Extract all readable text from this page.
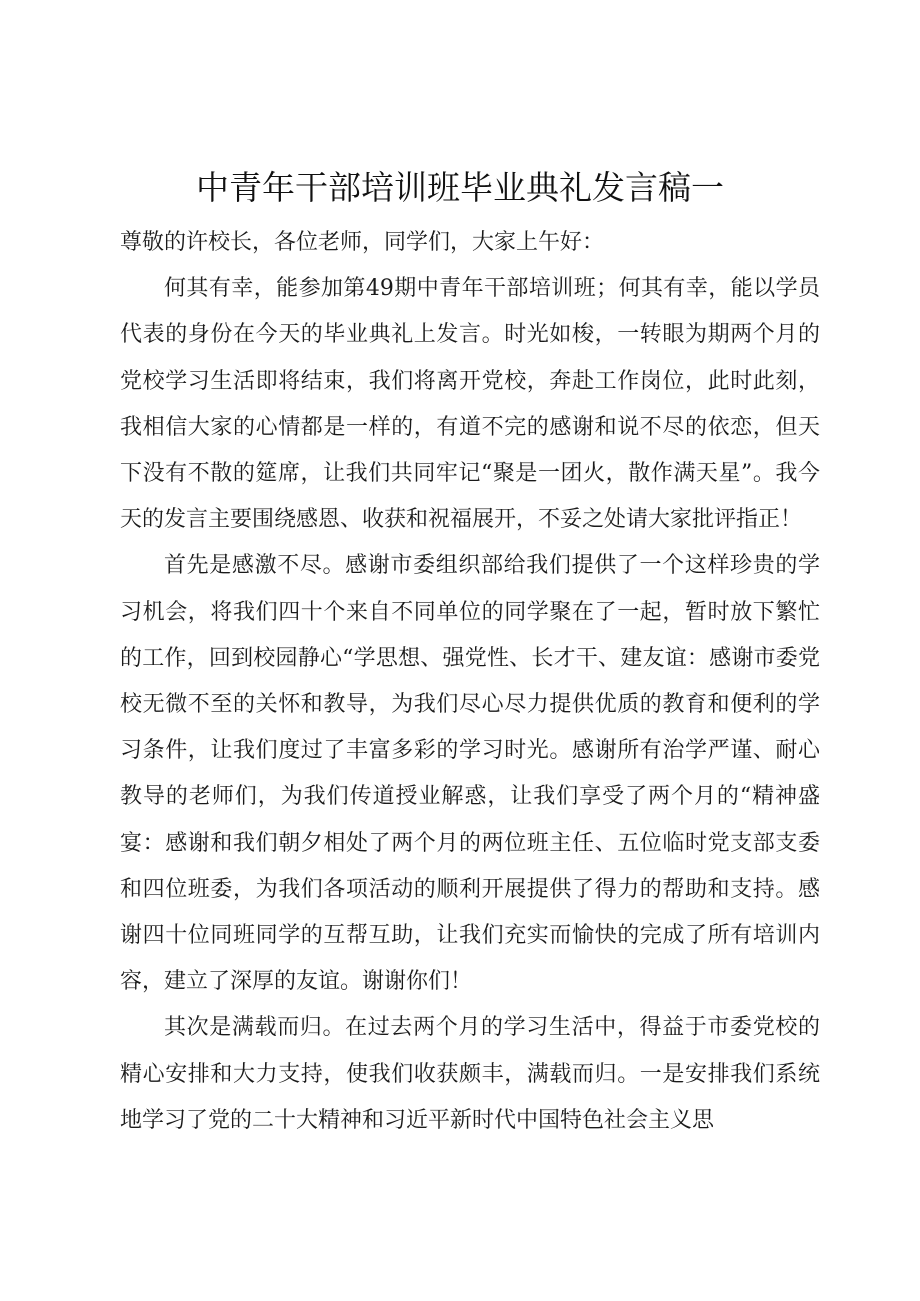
中青年干部培训班毕业典礼发言稿一

尊敬的许校长，各位老师，同学们，大家上午好：

何其有幸，能参加第49期中青年干部培训班；何其有幸，能以学员代表的身份在今天的毕业典礼上发言。时光如梭，一转眼为期两个月的党校学习生活即将结束，我们将离开党校，奔赴工作岗位，此时此刻，我相信大家的心情都是一样的，有道不完的感谢和说不尽的依恋，但天下没有不散的筵席，让我们共同牢记“聚是一团火，散作满天星”。我今天的发言主要围绕感恩、收获和祝福展开，不妥之处请大家批评指正！

首先是感激不尽。感谢市委组织部给我们提供了一个这样珍贵的学习机会，将我们四十个来自不同单位的同学聚在了一起，暂时放下繁忙的工作，回到校园静心“学思想、强党性、长才干、建友谊：感谢市委党校无微不至的关怀和教导，为我们尽心尽力提供优质的教育和便利的学习条件，让我们度过了丰富多彩的学习时光。感谢所有治学严谨、耐心教导的老师们，为我们传道授业解惑，让我们享受了两个月的“精神盛宴：感谢和我们朝夕相处了两个月的两位班主任、五位临时党支部支委和四位班委，为我们各项活动的顺利开展提供了得力的帮助和支持。感谢四十位同班同学的互帮互助，让我们充实而愉快的完成了所有培训内容，建立了深厚的友谊。谢谢你们！

其次是满载而归。在过去两个月的学习生活中，得益于市委党校的精心安排和大力支持，使我们收获颇丰，满载而归。一是安排我们系统地学习了党的二十大精神和习近平新时代中国特色社会主义思
